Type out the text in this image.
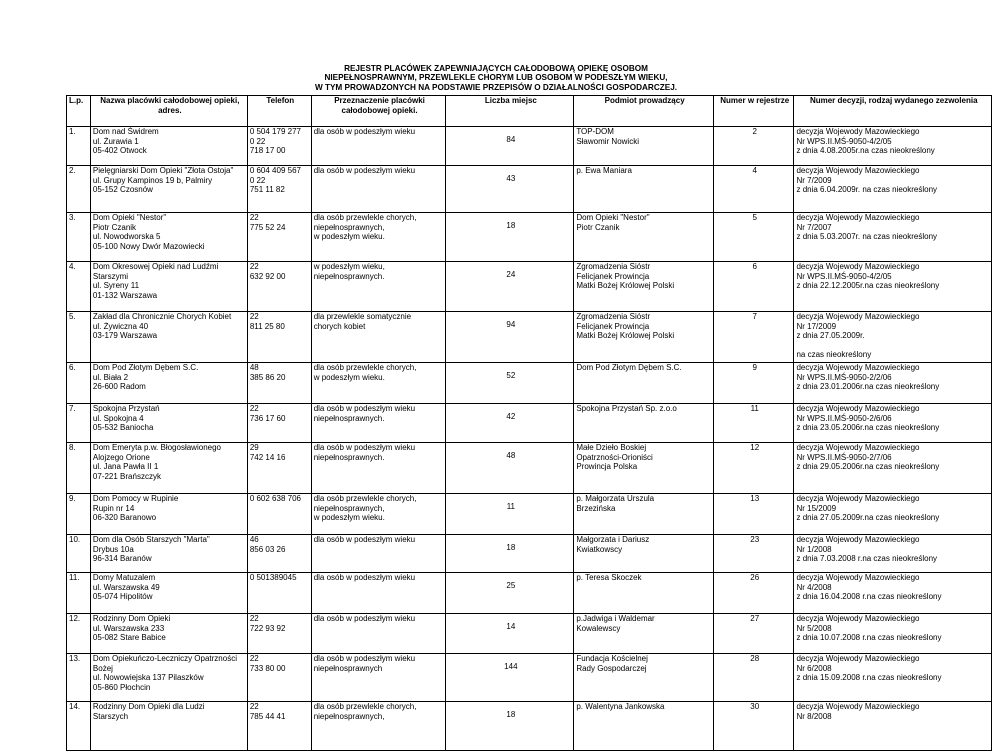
REJESTR PLACÓWEK ZAPEWNIAJĄCYCH CAŁODOBOWĄ OPIEKĘ OSOBOM
NIEPEŁNOSPRAWNYM, PRZEWLEKLE CHORYM LUB OSOBOM W PODESZŁYM WIEKU,
W TYM PROWADZONYCH NA PODSTAWIE PRZEPISÓW O DZIAŁALNOŚCI GOSPODARCZEJ.
L.p.	Nazwa placówki całodobowej opieki, adres.	Telefon	Przeznaczenie placówki całodobowej opieki.	Liczba miejsc	Podmiot prowadzący	Numer w rejestrze	Numer decyzji, rodzaj wydanego zezwolenia
1.	Dom nad Świdrem
ul. Żurawia 1
05-402 Otwock	0 504 179 277
0 22
718 17 00	dla osób w podeszłym wieku	84	TOP-DOM
Sławomir Nowicki	2	decyzja Wojewody Mazowieckiego
Nr WPS.II.MŚ-9050-4/2/05
z dnia 4.08.2005r.na czas nieokreślony

2.	Pielęgniarski Dom Opieki "Złota Ostoja"
ul. Grupy Kampinos 19 b, Palmiry
05-152 Czosnów	0 604 409 567
0 22
751 11 82	dla osób w podeszłym wieku	43	p. Ewa Maniara	4	decyzja Wojewody Mazowieckiego
Nr 7/2009
z dnia 6.04.2009r. na czas nieokreślony

3.	Dom Opieki "Nestor"
Piotr Czanik
ul. Nowodworska 5
05-100 Nowy Dwór Mazowiecki	22
775 52 24	dla osób przewlekle chorych,
niepełnosprawnych,
w podeszłym wieku.	18	Dom Opieki "Nestor"
Piotr Czanik	5	decyzja Wojewody Mazowieckiego
Nr 7/2007
z dnia 5.03.2007r. na czas nieokreślony

4.	Dom Okresowej Opieki nad Ludźmi
Starszymi
ul. Syreny 11
01-132 Warszawa	22
632 92 00	w podeszłym wieku,
niepełnosprawnych.	24	Zgromadzenia Sióstr
Felicjanek Prowincja
Matki Bożej Królowej Polski	6	decyzja Wojewody Mazowieckiego
Nr WPS.II.MŚ-9050-4/2/05
z dnia 22.12.2005r.na czas nieokreślony

5.	Zakład dla Chronicznie Chorych Kobiet
ul. Żywiczna 40
03-179 Warszawa	22
811 25 80	dla przewlekle somatycznie
chorych kobiet	94	Zgromadzenia Sióstr
Felicjanek Prowincja
Matki Bożej Królowej Polski	7	decyzja Wojewody Mazowieckiego
Nr 17/2009
z dnia 27.05.2009r.
na czas nieokreślony

6.	Dom Pod Złotym Dębem S.C.
ul. Biała 2
26-600 Radom	48
385 86 20	dla osób przewlekle chorych,
w podeszłym wieku.	52	Dom Pod Złotym Dębem S.C.	9	decyzja Wojewody Mazowieckiego
Nr WPS.II.MŚ-9050-2/2/06
z dnia 23.01.2006r.na czas nieokreślony

7.	Spokojna Przystań
ul. Spokojna 4
05-532 Baniocha	22
736 17 60	dla osób w podeszłym wieku
niepełnosprawnych.	42	Spokojna Przystań Sp. z.o.o	11	decyzja Wojewody Mazowieckiego
Nr WPS.II.MŚ-9050-2/6/06
z dnia 23.05.2006r.na czas nieokreślony

8.	Dom Emeryta p.w. Błogosławionego
Alojzego Orione
ul. Jana Pawła II 1
07-221 Brańszczyk	29
742 14 16	dla osób w podeszłym wieku
niepełnosprawnych.	48	Małe Dzieło Boskiej
Opatrzności-Orioniści
Prowincja Polska	12	decyzja Wojewody Mazowieckiego
Nr WPS.II.MŚ-9050-2/7/06
z dnia 29.05.2006r.na czas nieokreślony

9.	Dom Pomocy w Rupinie
Rupin nr 14
06-320 Baranowo	0 602 638 706	dla osób przewlekle chorych,
niepełnosprawnych,
w podeszłym wieku.	11	p. Małgorzata Urszula
Brzezińska	13	decyzja Wojewody Mazowieckiego
Nr 15/2009
z dnia 27.05.2009r.na czas nieokreślony

10.	Dom dla Osób Starszych "Marta"
Drybus 10a
96-314 Baranów	46
856 03 26	dla osób w podeszłym wieku	18	Małgorzata i Dariusz
Kwiatkowscy	23	decyzja Wojewody Mazowieckiego
Nr 1/2008
z dnia 7.03.2008 r.na czas nieokreślony

11.	Domy Matuzalem
ul. Warszawska 49
05-074 Hipolitów	0 501389045	dla osób w podeszłym wieku	25	p. Teresa Skoczek	26	decyzja Wojewody Mazowieckiego
Nr 4/2008
z dnia 16.04.2008 r.na czas nieokreślony

12.	Rodzinny Dom Opieki
ul. Warszawska 233
05-082 Stare Babice	22
722 93 92	dla osób w podeszłym wieku	14	p.Jadwiga i Waldemar
Kowalewscy	27	decyzja Wojewody Mazowieckiego
Nr 5/2008
z dnia 10.07.2008 r.na czas nieokreślony

13.	Dom Opiekuńczo-Leczniczy Opatrzności
Bożej
ul. Nowowiejska 137 Pilaszków
05-860 Płochcin	22
733 80 00	dla osób w podeszłym wieku
niepełnosprawnych	144	Fundacja Kościelnej
Rady Gospodarczej	28	decyzja Wojewody Mazowieckiego
Nr 6/2008
z dnia 15.09.2008 r.na czas nieokreślony

14.	Rodzinny Dom Opieki dla Ludzi
Starszych	22
785 44 41	dla osób przewlekle chorych,
niepełnosprawnych,	18	p. Walentyna Jankowska	30	decyzja Wojewody Mazowieckiego
Nr 8/2008
